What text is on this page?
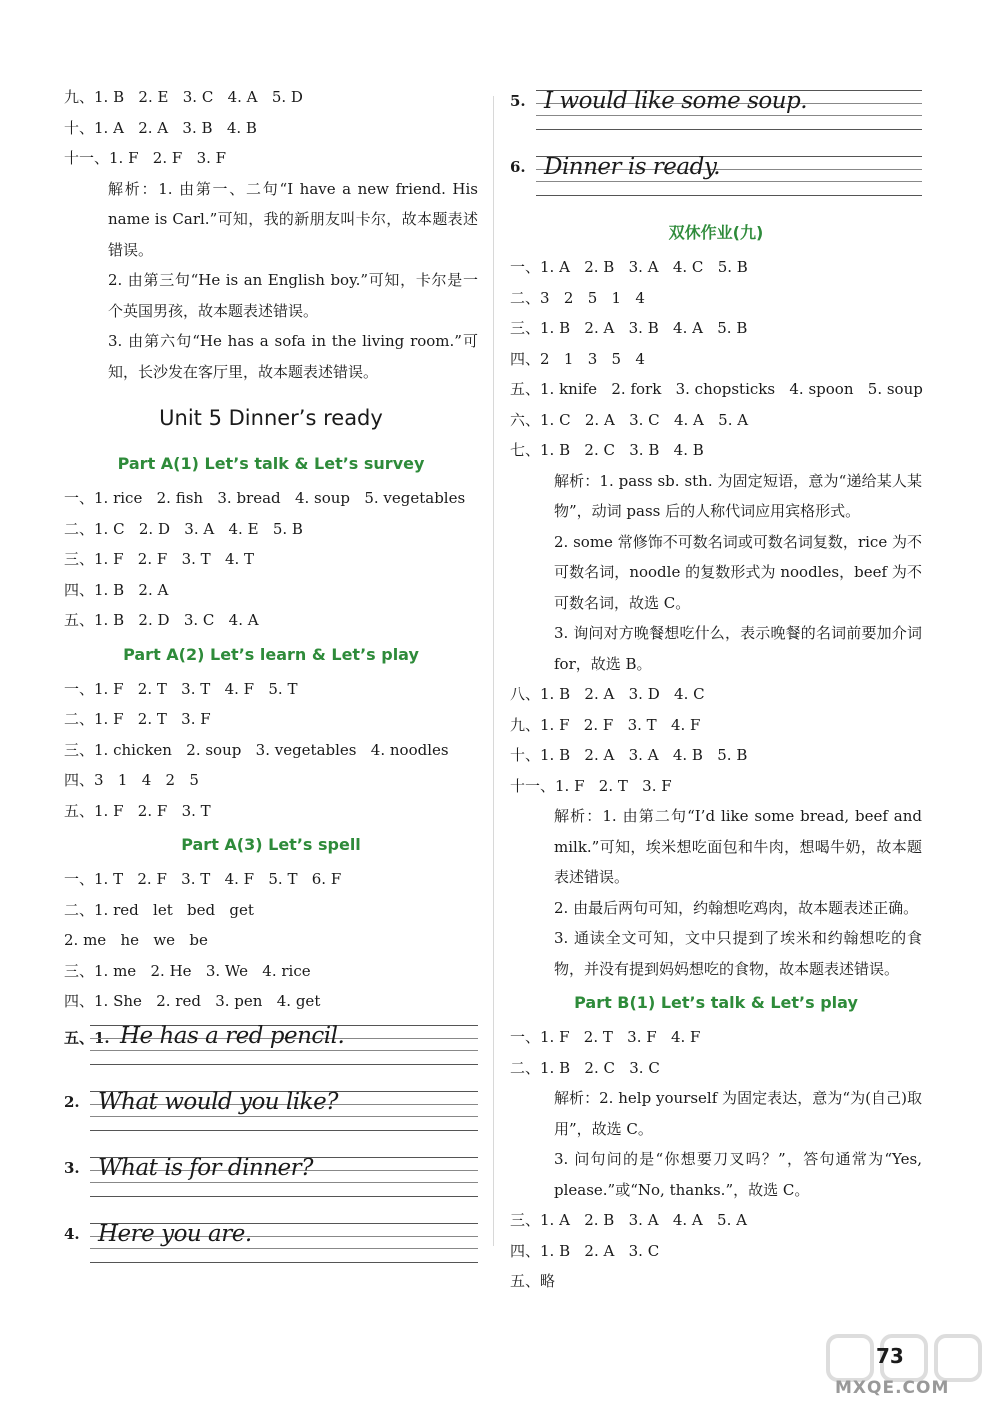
九、1. B   2. E   3. C   4. A   5. D
十、1. A   2. A   3. B   4. B
十一、1. F   2. F   3. F
解析：1. 由第一、二句“I have a new friend. His name is Carl.”可知，我的新朋友叫卡尔，故本题表述错误。
2. 由第三句“He is an English boy.”可知，卡尔是一个英国男孩，故本题表述错误。
3. 由第六句“He has a sofa in the living room.”可知，长沙发在客厅里，故本题表述错误。
Unit 5 Dinner’s ready
Part A(1) Let’s talk & Let’s survey
一、1. rice   2. fish   3. bread   4. soup   5. vegetables
二、1. C   2. D   3. A   4. E   5. B
三、1. F   2. F   3. T   4. T
四、1. B   2. A
五、1. B   2. D   3. C   4. A
Part A(2) Let’s learn & Let’s play
一、1. F   2. T   3. T   4. F   5. T
二、1. F   2. T   3. F
三、1. chicken   2. soup   3. vegetables   4. noodles
四、3   1   4   2   5
五、1. F   2. F   3. T
Part A(3) Let’s spell
一、1. T   2. F   3. T   4. F   5. T   6. F
二、1. red   let   bed   get
2. me   he   we   be
三、1. me   2. He   3. We   4. rice
四、1. She   2. red   3. pen   4. get
五、1. He has a red pencil.
2. What would you like?
3. What is for dinner?
4. Here you are.
5. I would like some soup.
6. Dinner is ready.
双休作业(九)
一、1. A   2. B   3. A   4. C   5. B
二、3   2   5   1   4
三、1. B   2. A   3. B   4. A   5. B
四、2   1   3   5   4
五、1. knife   2. fork   3. chopsticks   4. spoon   5. soup
六、1. C   2. A   3. C   4. A   5. A
七、1. B   2. C   3. B   4. B
解析：1. pass sb. sth. 为固定短语，意为“递给某人某物”，动词 pass 后的人称代词应用宾格形式。
2. some 常修饰不可数名词或可数名词复数，rice 为不可数名词，noodle 的复数形式为 noodles，beef 为不可数名词，故选 C。
3. 询问对方晚餐想吃什么，表示晚餐的名词前要加介词 for，故选 B。
八、1. B   2. A   3. D   4. C
九、1. F   2. F   3. T   4. F
十、1. B   2. A   3. A   4. B   5. B
十一、1. F   2. T   3. F
解析：1. 由第二句“I’d like some bread, beef and milk.”可知，埃米想吃面包和牛肉，想喝牛奶，故本题表述错误。
2. 由最后两句可知，约翰想吃鸡肉，故本题表述正确。
3. 通读全文可知，文中只提到了埃米和约翰想吃的食物，并没有提到妈妈想吃的食物，故本题表述错误。
Part B(1) Let’s talk & Let’s play
一、1. F   2. T   3. F   4. F
二、1. B   2. C   3. C
解析：2. help yourself 为固定表达，意为“为(自己)取用”，故选 C。
3. 问句问的是“你想要刀叉吗？”，答句通常为“Yes, please.”或“No, thanks.”，故选 C。
三、1. A   2. B   3. A   4. A   5. A
四、1. B   2. A   3. C
五、略
MXQE.COM
73
